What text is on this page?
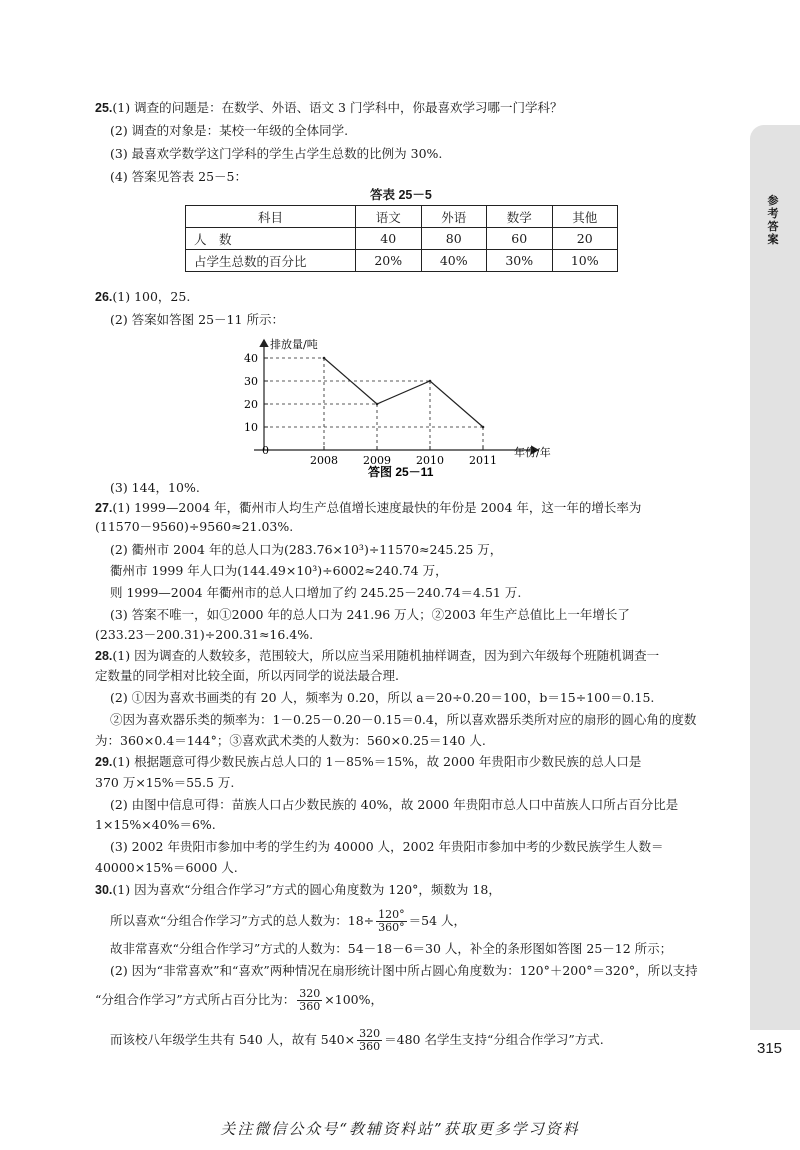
参考答案
25.(1) 调查的问题是：在数学、外语、语文 3 门学科中，你最喜欢学习哪一门学科？
(2) 调查的对象是：某校一年级的全体同学.
(3) 最喜欢学数学这门学科的学生占学生总数的比例为 30%.
(4) 答案见答表 25－5：
答表 25－5
科目	语文	外语	数学	其他
人　数	40	80	60	20
占学生总数的百分比	20%	40%	30%	10%
26.(1) 100，25.
(2) 答案如答图 25－11 所示：
排放量/吨
年份/年
0
10
20
30
40
2008 2009 2010 2011
答图 25－11
(3) 144，10%.
27.(1) 1999—2004 年，衢州市人均生产总值增长速度最快的年份是 2004 年，这一年的增长率为
(11570－9560)÷9560≈21.03%.
(2) 衢州市 2004 年的总人口为(283.76×10³)÷11570≈245.25 万，
衢州市 1999 年人口为(144.49×10³)÷6002≈240.74 万，
则 1999—2004 年衢州市的总人口增加了约 245.25－240.74＝4.51 万.
(3) 答案不唯一，如①2000 年的总人口为 241.96 万人；②2003 年生产总值比上一年增长了
(233.23－200.31)÷200.31≈16.4%.
28.(1) 因为调查的人数较多，范围较大，所以应当采用随机抽样调查，因为到六年级每个班随机调查一
定数量的同学相对比较全面，所以丙同学的说法最合理.
(2) ①因为喜欢书画类的有 20 人，频率为 0.20，所以 a＝20÷0.20＝100，b＝15÷100＝0.15.
②因为喜欢器乐类的频率为：1－0.25－0.20－0.15＝0.4，所以喜欢器乐类所对应的扇形的圆心角的度数
为：360×0.4＝144°；③喜欢武术类的人数为：560×0.25＝140 人.
29.(1) 根据题意可得少数民族占总人口的 1－85%＝15%，故 2000 年贵阳市少数民族的总人口是
370 万×15%＝55.5 万.
(2) 由图中信息可得：苗族人口占少数民族的 40%，故 2000 年贵阳市总人口中苗族人口所占百分比是
1×15%×40%＝6%.
(3) 2002 年贵阳市参加中考的学生约为 40000 人，2002 年贵阳市参加中考的少数民族学生人数＝
40000×15%＝6000 人.
30.(1) 因为喜欢“分组合作学习”方式的圆心角度数为 120°，频数为 18，
所以喜欢“分组合作学习”方式的总人数为：$18\div \frac{120^\circ}{360^\circ} =54$ 人，
故非常喜欢“分组合作学习”方式的人数为：54－18－6＝30 人，补全的条形图如答图 25－12 所示；
(2) 因为“非常喜欢”和“喜欢”两种情况在扇形统计图中所占圆心角度数为：120°＋200°＝320°，所以支持
“分组合作学习”方式所占百分比为： $\frac{320}{360} \times 100\%$，
而该校八年级学生共有 540 人，故有 $540\times \frac{320}{360} =480$ 名学生支持“分组合作学习”方式.
315
关注微信公众号“教辅资料站”获取更多学习资料
